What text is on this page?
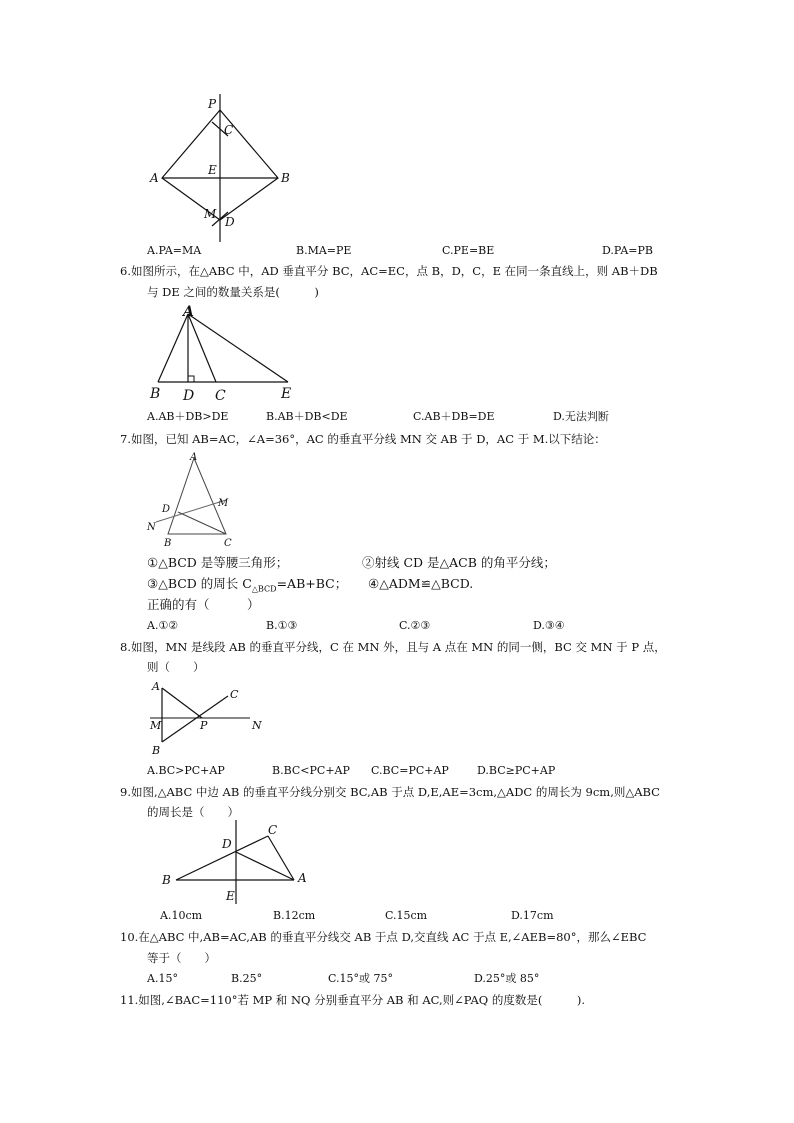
P
C
A
E
B
M
D
A.PA=MA	B.MA=PE	C.PE=BE	D.PA=PB
6.如图所示，在△ABC 中，AD 垂直平分 BC，AC=EC，点 B，D，C，E 在同一条直线上，则 AB＋DB
与 DE 之间的数量关系是(　　　)
A
B D C	E
A.AB＋DB>DE	B.AB＋DB<DE	C.AB＋DB=DE	D.无法判断
7.如图，已知 AB=AC，∠A=36°，AC 的垂直平分线 MN 交 AB 于 D，AC 于 M.以下结论：
A
D
M
N
B	C
①△BCD 是等腰三角形；	②射线 CD 是△ACB 的角平分线；
③△BCD 的周长 $C_{\triangle BCD}=AB+BC$； ④△ADM≌△BCD.
正确的有（　　　）
A.①②	B.①③	C.②③	D.③④
8.如图，MN 是线段 AB 的垂直平分线，C 在 MN 外，且与 A 点在 MN 的同一侧，BC 交 MN 于 P 点，
则（　　）
A
C
M	P	N
B
A.BC>PC+AP	B.BC<PC+AP C.BC=PC+AP	D.BC≥PC+AP
9.如图,△ABC 中边 AB 的垂直平分线分别交 BC,AB 于点 D,E,AE=3cm,△ADC 的周长为 9cm,则△ABC
的周长是（　　）
C
D
B	A
E
A.10cm	B.12cm	C.15cm	D.17cm
10.在△ABC 中,AB=AC,AB 的垂直平分线交 AB 于点 D,交直线 AC 于点 E,∠AEB=80°，那么∠EBC
等于（　　）
A.15°	B.25°	C.15°或 75°	D.25°或 85°
11.如图,∠BAC=110°若 MP 和 NQ 分别垂直平分 AB 和 AC,则∠PAQ 的度数是(　　　).
